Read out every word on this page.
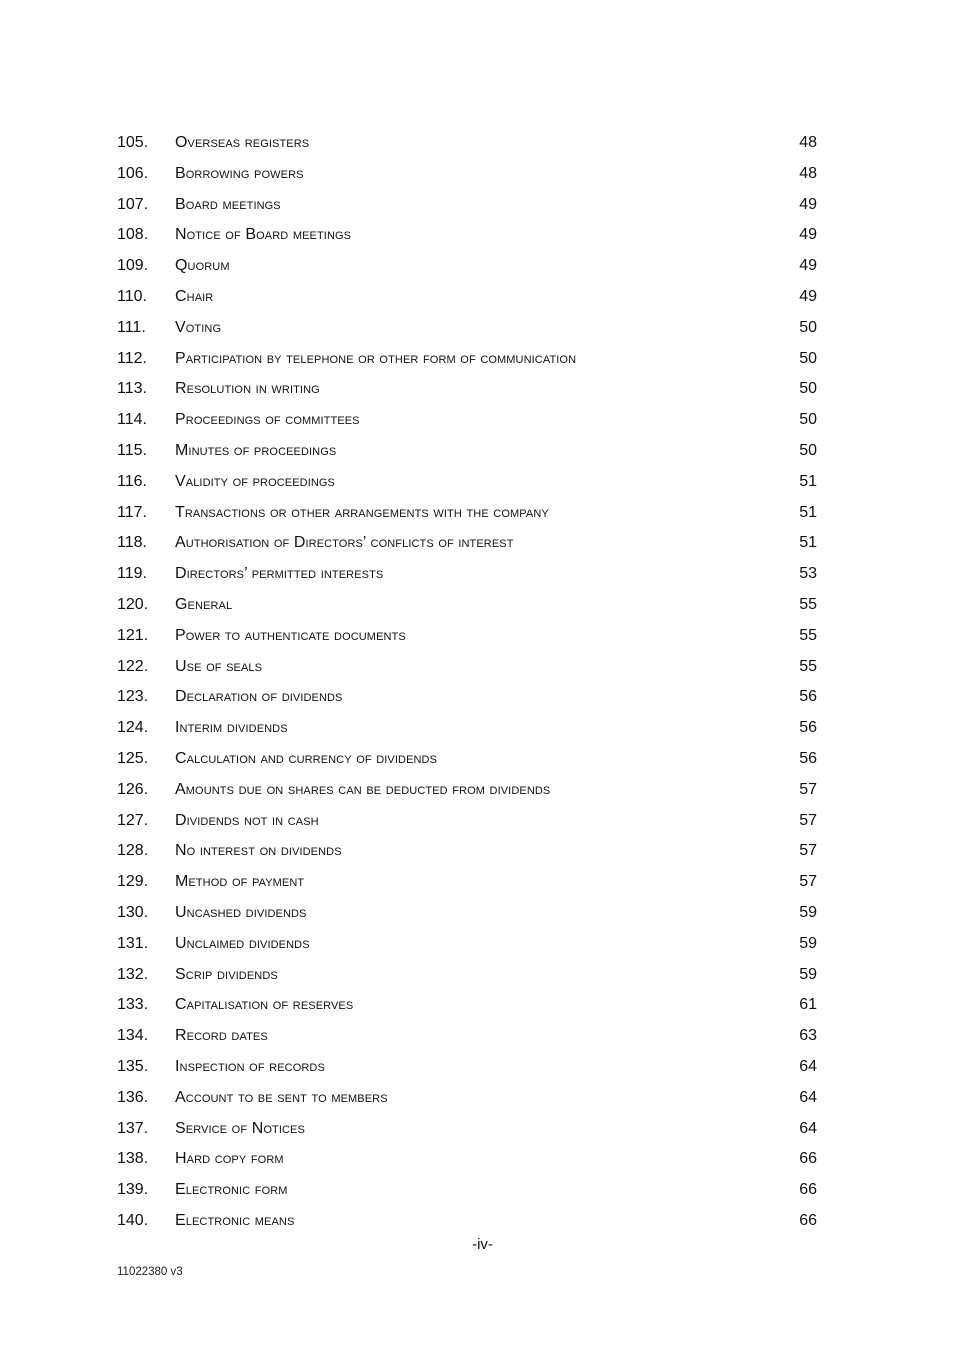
105. Overseas registers	48
106. Borrowing powers	48
107. Board meetings	49
108. Notice of Board meetings	49
109. Quorum	49
110. Chair	49
111. Voting	50
112. Participation by telephone or other form of communication	50
113. Resolution in writing	50
114. Proceedings of committees	50
115. Minutes of proceedings	50
116. Validity of proceedings	51
117. Transactions or other arrangements with the company	51
118. Authorisation of Directors’ conflicts of interest	51
119. Directors’ permitted interests	53
120. General	55
121. Power to authenticate documents	55
122. Use of seals	55
123. Declaration of dividends	56
124. Interim dividends	56
125. Calculation and currency of dividends	56
126. Amounts due on shares can be deducted from dividends	57
127. Dividends not in cash	57
128. No interest on dividends	57
129. Method of payment	57
130. Uncashed dividends	59
131. Unclaimed dividends	59
132. Scrip dividends	59
133. Capitalisation of reserves	61
134. Record dates	63
135. Inspection of records	64
136. Account to be sent to members	64
137. Service of Notices	64
138. Hard copy form	66
139. Electronic form	66
140. Electronic means	66
-iv-
11022380 v3
